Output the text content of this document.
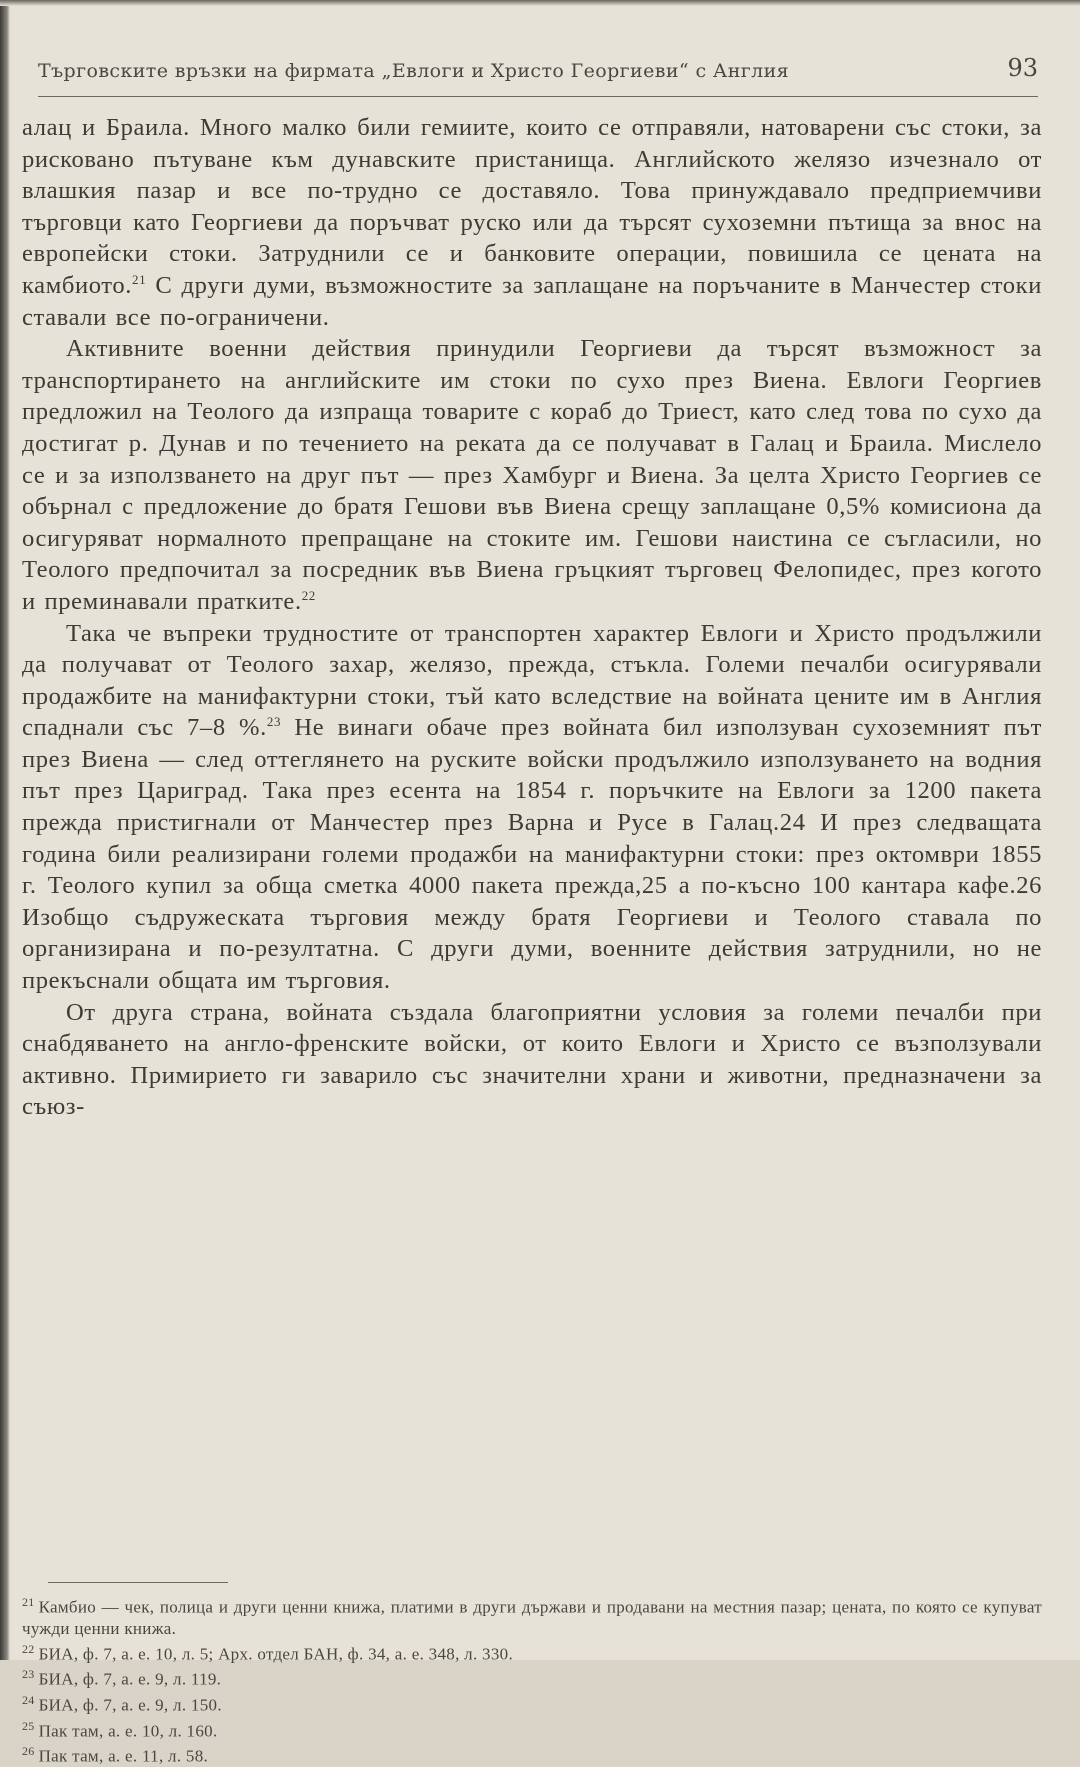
Търговските връзки на фирмата „Евлоги и Христо Георгиеви“ с Англия	93

алац и Браила. Много малко били гемиите, които се отправяли, натоварени със стоки, за рисковано пътуване към дунавските пристанища. Английското желязо изчезнало от влашкия пазар и все по-трудно се доставяло. Това принуждавало предприемчиви търговци като Георгиеви да поръчват руско или да търсят сухоземни пътища за внос на европейски стоки. Затруднили се и банковите операции, повишила се цената на камбиото.$^{21}$ С други думи, възможностите за заплащане на поръчаните в Манчестер стоки ставали все по-ограничени.

Активните военни действия принудили Георгиеви да търсят възможност за транспортирането на английските им стоки по сухо през Виена. Евлоги Георгиев предложил на Теолого да изпраща товарите с кораб до Триест, като след това по сухо да достигат р. Дунав и по течението на реката да се получават в Галац и Браила. Мислело се и за използването на друг път — през Хамбург и Виена. За целта Христо Георгиев се обърнал с предложение до братя Гешови във Виена срещу заплащане 0,5% комисиона да осигуряват нормалното препращане на стоките им. Гешови наистина се съгласили, но Теолого предпочитал за посредник във Виена гръцкият търговец Фелопидес, през когото и преминавали пратките.$^{22}$

Така че въпреки трудностите от транспортен характер Евлоги и Христо продължили да получават от Теолого захар, желязо, прежда, стъкла. Големи печалби осигурявали продажбите на манифактурни стоки, тъй като вследствие на войната цените им в Англия спаднали със 7–8 %.$^{23}$ Не винаги обаче през войната бил използуван сухоземният път през Виена — след оттеглянето на руските войски продължило използуването на водния път през Цариград. Така през есента на 1854 г. поръчките на Евлоги за 1200 пакета прежда пристигнали от Манчестер през Варна и Русе в Галац.24 И през следващата година били реализирани големи продажби на манифактурни стоки: през октомври 1855 г. Теолого купил за обща сметка 4000 пакета прежда,25 а по-късно 100 кантара кафе.26 Изобщо съдружеската търговия между братя Георгиеви и Теолого ставала по организирана и по-резултатна. С други думи, военните действия затруднили, но не прекъснали общата им търговия.

От друга страна, войната създала благоприятни условия за големи печалби при снабдяването на англо-френските войски, от които Евлоги и Христо се възползували активно. Примирието ги заварило със значителни храни и животни, предназначени за съюз-

$^{21}$ Камбио — чек, полица и други ценни книжа, платими в други държави и продавани на местния пазар; цената, по която се купуват чужди ценни книжа.

$^{22}$ БИА, ф. 7, а. е. 10, л. 5; Арх. отдел БАН, ф. 34, а. е. 348, л. 330.

$^{23}$ БИА, ф. 7, а. е. 9, л. 119.

$^{24}$ БИА, ф. 7, а. е. 9, л. 150.

$^{25}$ Пак там, а. е. 10, л. 160.

$^{26}$ Пак там, а. е. 11, л. 58.
